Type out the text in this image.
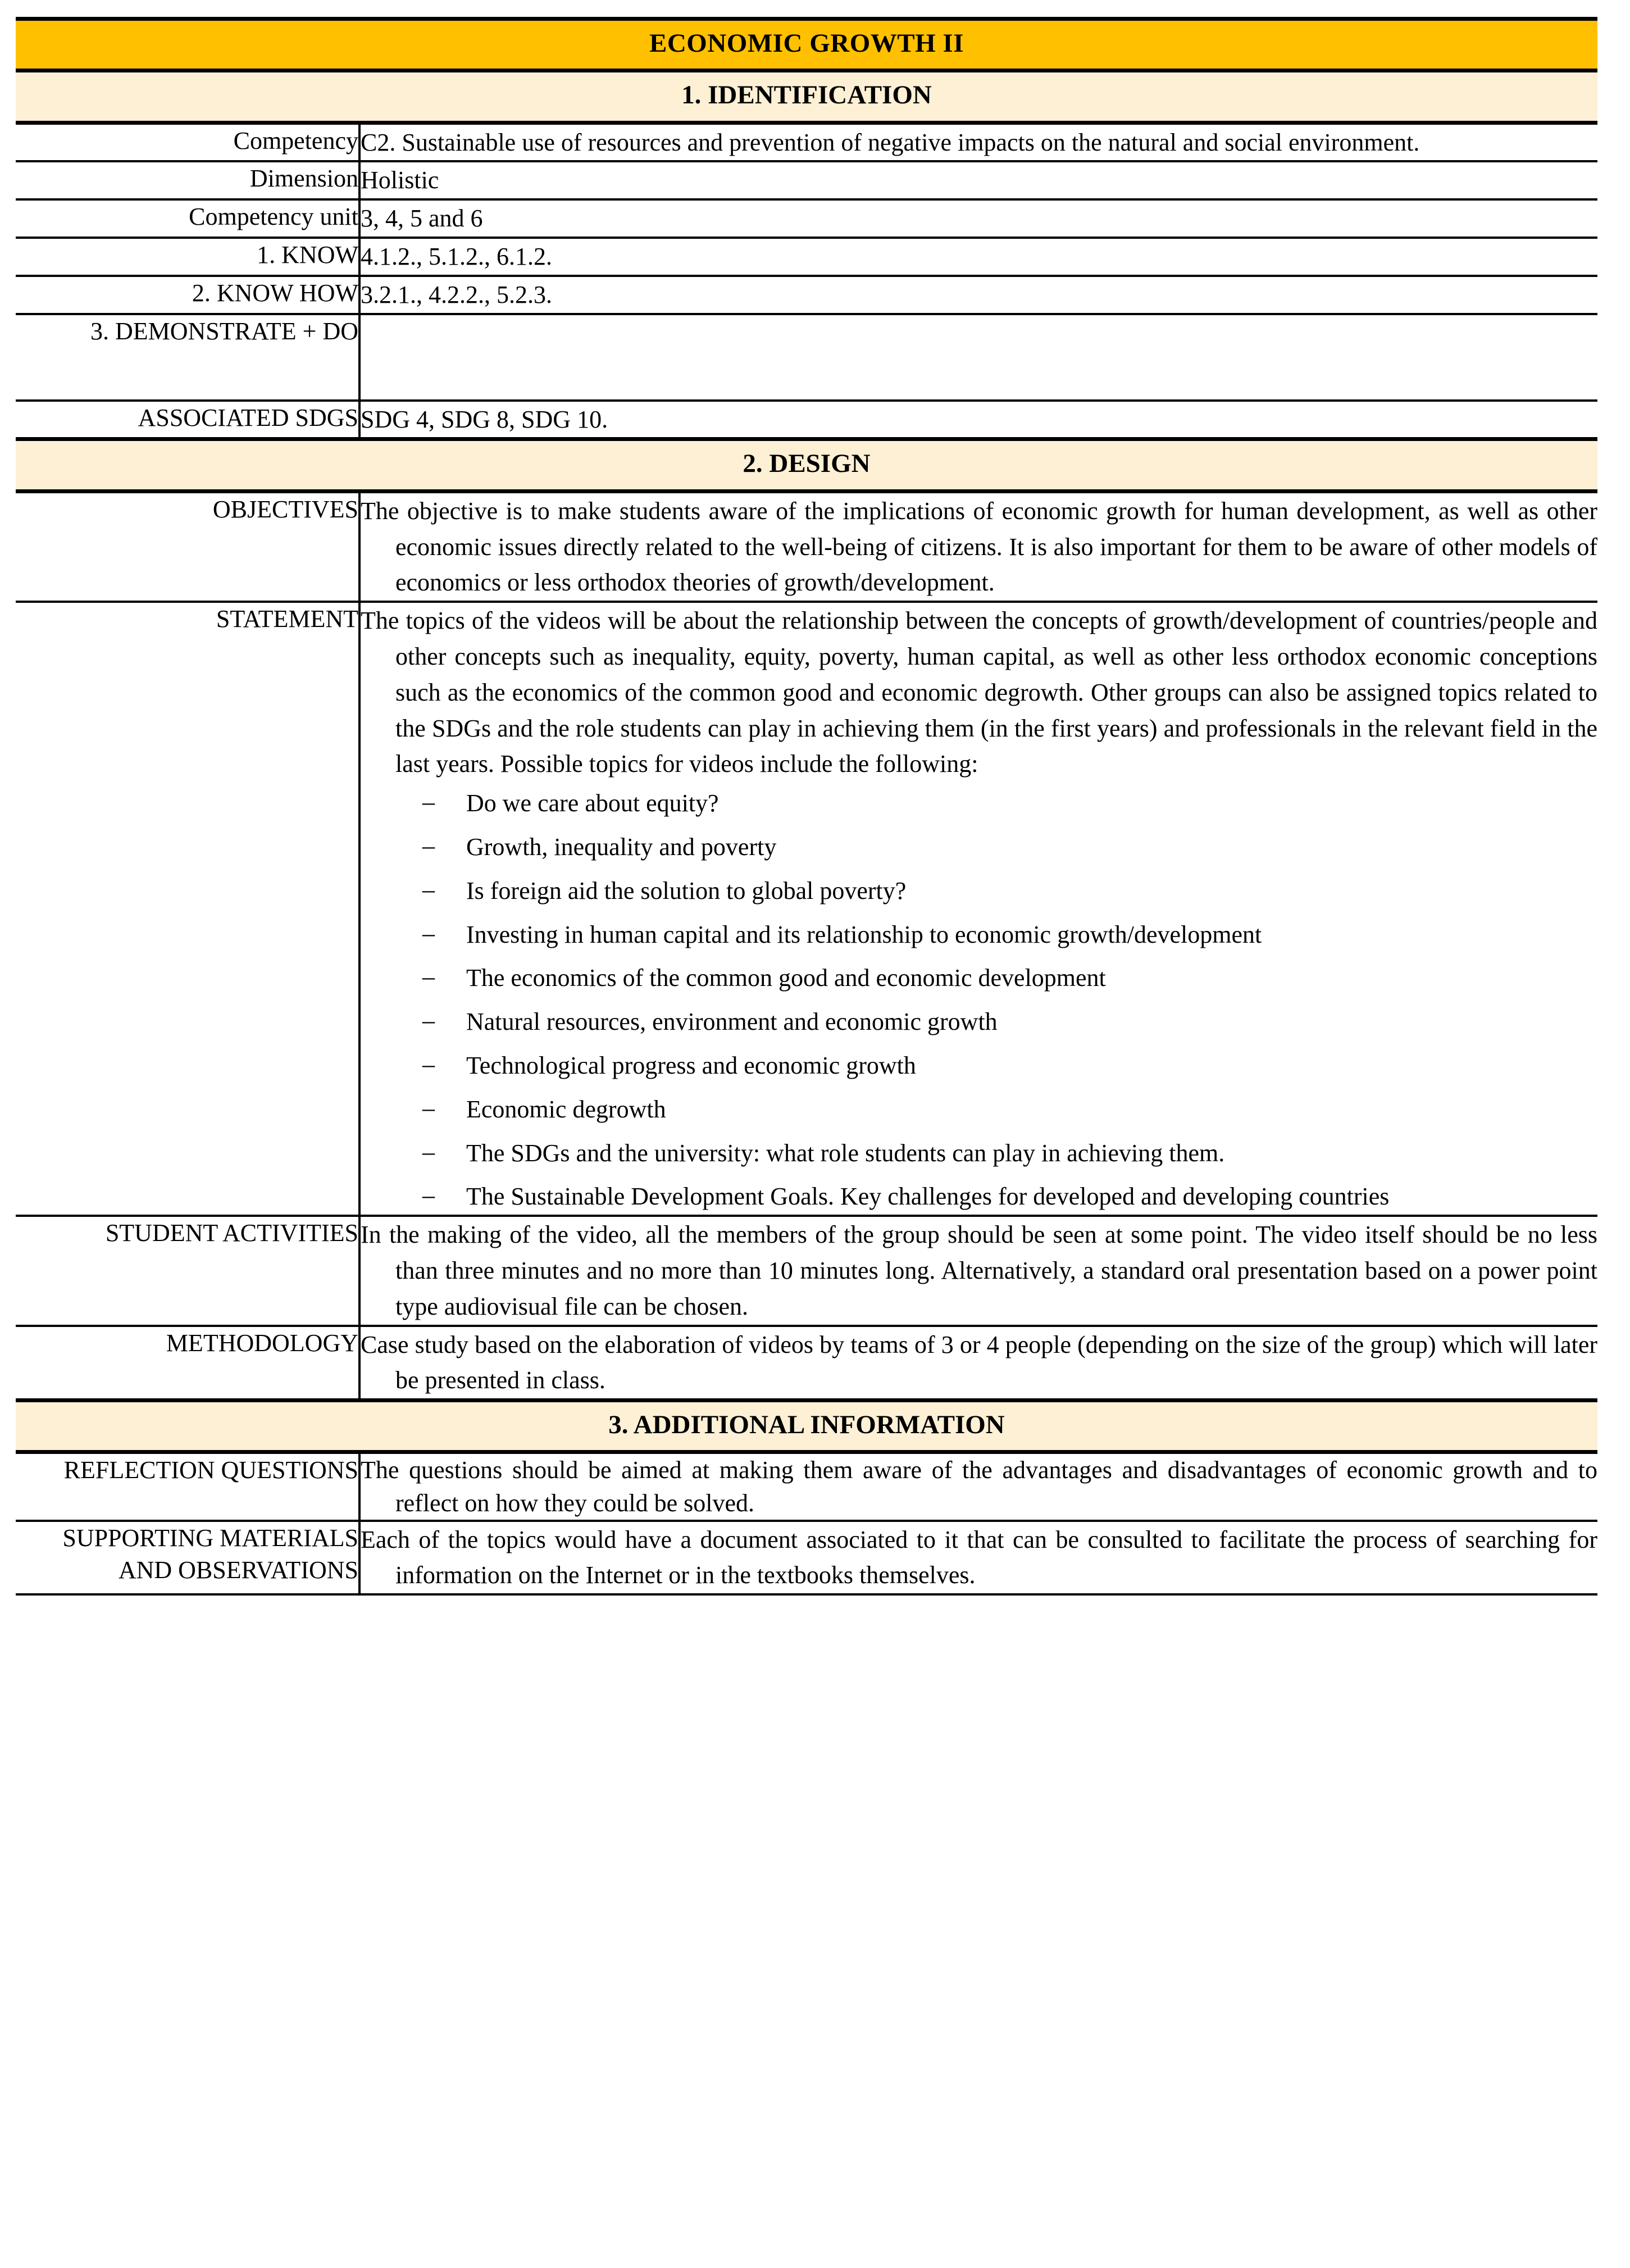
ECONOMIC GROWTH II	
1. IDENTIFICATION	
Competency	C2. Sustainable use of resources and prevention of negative impacts on the natural and social environment.

Dimension	Holistic

Competency unit	3, 4, 5 and 6

1. KNOW	4.1.2., 5.1.2., 6.1.2.

2. KNOW HOW	3.2.1., 4.2.2., 5.2.3.

3. DEMONSTRATE + DO	

ASSOCIATED SDGS	SDG 4, SDG 8, SDG 10.

2. DESIGN	
OBJECTIVES	The objective is to make students aware of the implications of economic growth for human development, as well as other economic issues directly related to the well-being of citizens. It is also important for them to be aware of other models of economics or less orthodox theories of growth/development.

STATEMENT	The topics of the videos will be about the relationship between the concepts of growth/development of countries/people and other concepts such as inequality, equity, poverty, human capital, as well as other less orthodox economic conceptions such as the economics of the common good and economic degrowth. Other groups can also be assigned topics related to the SDGs and the role students can play in achieving them (in the first years) and professionals in the relevant field in the last years. Possible topics for videos include the following:

– Do we care about equity?
– Growth, inequality and poverty
– Is foreign aid the solution to global poverty?
– Investing in human capital and its relationship to economic growth/development
– The economics of the common good and economic development
– Natural resources, environment and economic growth
– Technological progress and economic growth
– Economic degrowth
– The SDGs and the university: what role students can play in achieving them.
– The Sustainable Development Goals. Key challenges for developed and developing countries

STUDENT ACTIVITIES	In the making of the video, all the members of the group should be seen at some point. The video itself should be no less than three minutes and no more than 10 minutes long. Alternatively, a standard oral presentation based on a power point type audiovisual file can be chosen.

METHODOLOGY	Case study based on the elaboration of videos by teams of 3 or 4 people (depending on the size of the group) which will later be presented in class.

3. ADDITIONAL INFORMATION	
REFLECTION QUESTIONS	The questions should be aimed at making them aware of the advantages and disadvantages of economic growth and to reflect on how they could be solved.

SUPPORTING MATERIALS AND OBSERVATIONS	Each of the topics would have a document associated to it that can be consulted to facilitate the process of searching for information on the Internet or in the textbooks themselves.
